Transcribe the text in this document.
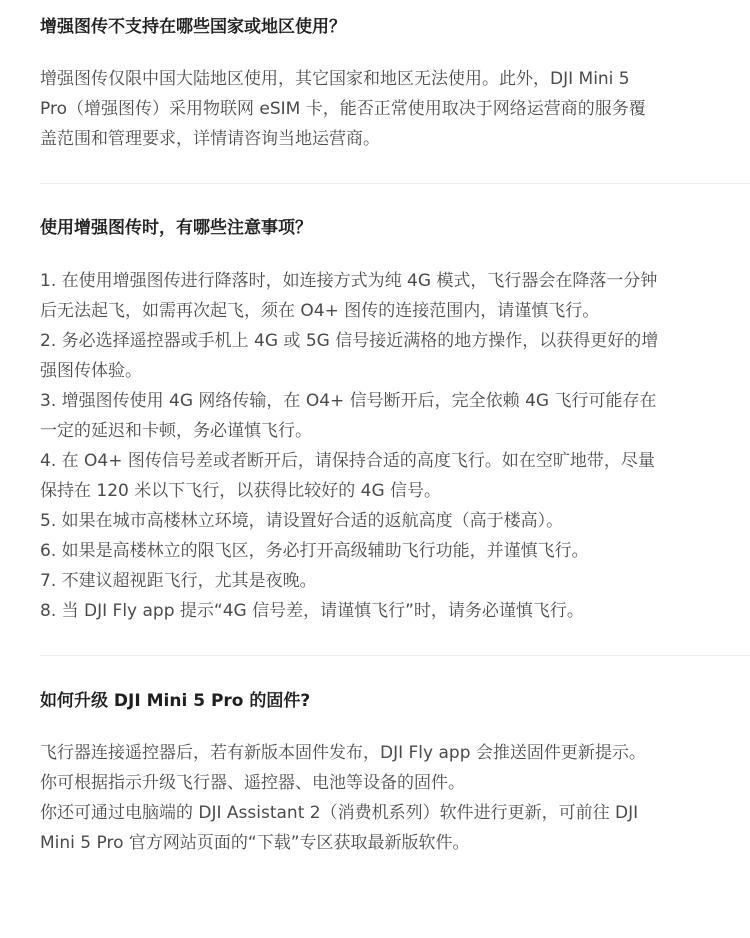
增强图传不支持在哪些国家或地区使用？

增强图传仅限中国大陆地区使用，其它国家和地区无法使用。此外，DJI Mini 5

Pro（增强图传）采用物联网 eSIM 卡，能否正常使用取决于网络运营商的服务覆

盖范围和管理要求，详情请咨询当地运营商。

使用增强图传时，有哪些注意事项？

1. 在使用增强图传进行降落时，如连接方式为纯 4G 模式，飞行器会在降落一分钟

后无法起飞，如需再次起飞，须在 O4+ 图传的连接范围内，请谨慎飞行。

2. 务必选择遥控器或手机上 4G 或 5G 信号接近满格的地方操作，以获得更好的增

强图传体验。

3. 增强图传使用 4G 网络传输，在 O4+ 信号断开后，完全依赖 4G 飞行可能存在

一定的延迟和卡顿，务必谨慎飞行。

4. 在 O4+ 图传信号差或者断开后，请保持合适的高度飞行。如在空旷地带，尽量

保持在 120 米以下飞行，以获得比较好的 4G 信号。

5. 如果在城市高楼林立环境，请设置好合适的返航高度（高于楼高）。

6. 如果是高楼林立的限飞区，务必打开高级辅助飞行功能，并谨慎飞行。

7. 不建议超视距飞行，尤其是夜晚。

8. 当 DJI Fly app 提示“4G 信号差，请谨慎飞行”时，请务必谨慎飞行。

如何升级 DJI Mini 5 Pro 的固件?

飞行器连接遥控器后，若有新版本固件发布，DJI Fly app 会推送固件更新提示。

你可根据指示升级飞行器、遥控器、电池等设备的固件。

你还可通过电脑端的 DJI Assistant 2（消费机系列）软件进行更新，可前往 DJI

Mini 5 Pro 官方网站页面的“下载”专区获取最新版软件。
